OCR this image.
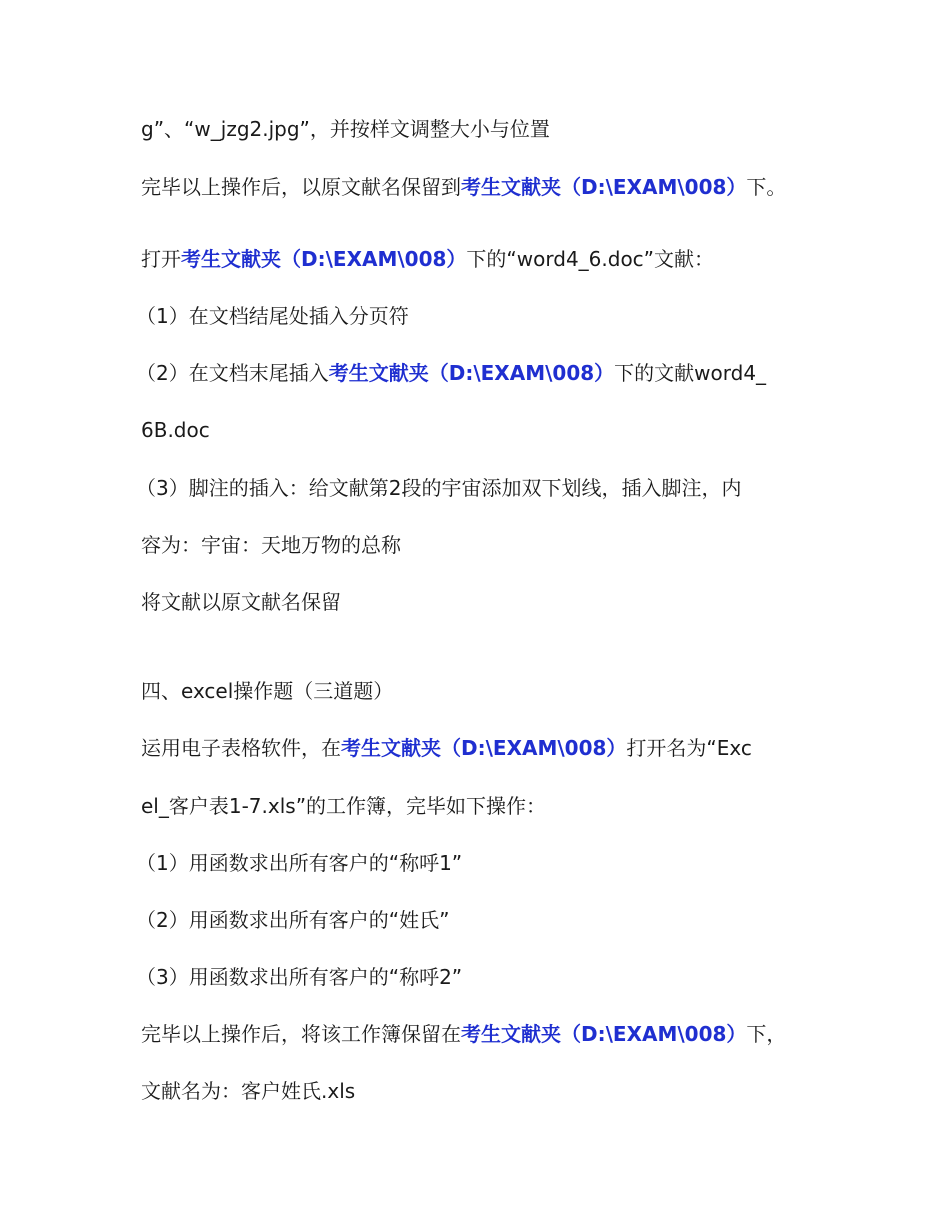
g”、“w_jzg2.jpg”，并按样文调整大小与位置
完毕以上操作后，以原文献名保留到考生文献夹（D:\EXAM\008）下。
打开考生文献夹（D:\EXAM\008）下的“word4_6.doc”文献：
（1）在文档结尾处插入分页符
（2）在文档末尾插入考生文献夹（D:\EXAM\008）下的文献word4_
6B.doc
（3）脚注的插入：给文献第2段的宇宙添加双下划线，插入脚注，内
容为：宇宙：天地万物的总称
将文献以原文献名保留
四、excel操作题（三道题）
运用电子表格软件，在考生文献夹（D:\EXAM\008）打开名为“Exc
el_客户表1-7.xls”的工作簿，完毕如下操作：
（1）用函数求出所有客户的“称呼1”
（2）用函数求出所有客户的“姓氏”
（3）用函数求出所有客户的“称呼2”
完毕以上操作后，将该工作簿保留在考生文献夹（D:\EXAM\008）下，
文献名为：客户姓氏.xls
